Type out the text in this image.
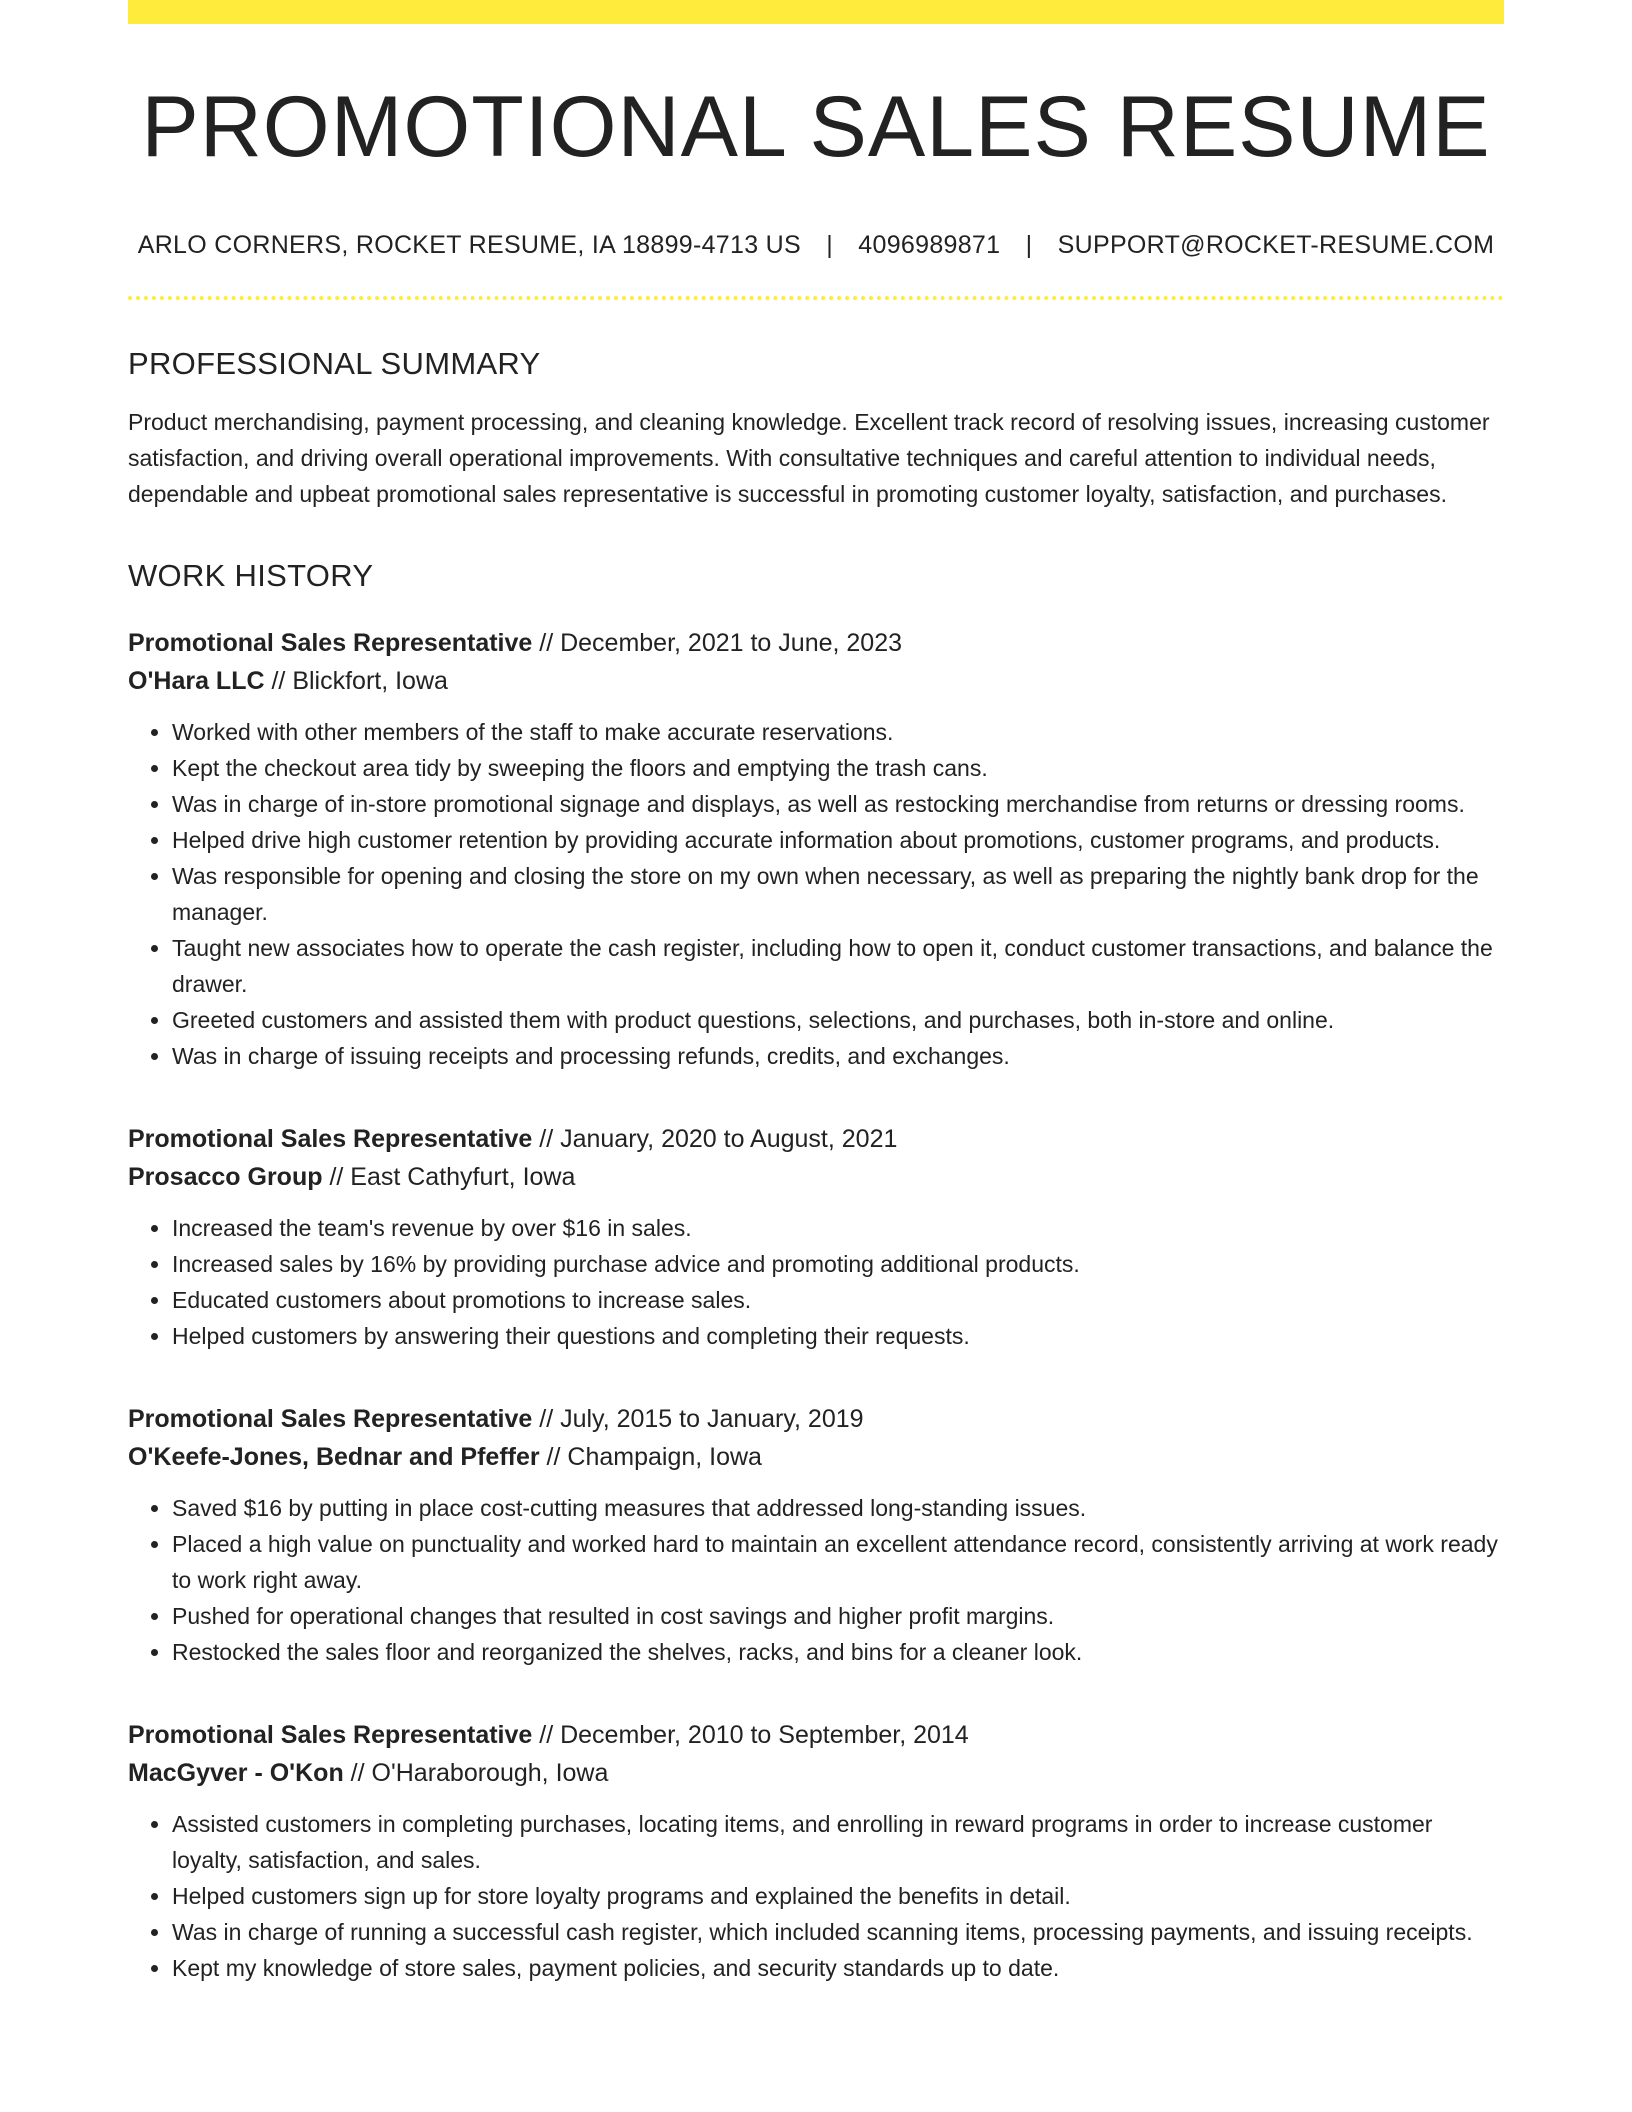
PROMOTIONAL SALES RESUME
ARLO CORNERS, ROCKET RESUME, IA 18899-4713 US | 4096989871 | SUPPORT@ROCKET-RESUME.COM
PROFESSIONAL SUMMARY

Product merchandising, payment processing, and cleaning knowledge. Excellent track record of resolving issues, increasing customer satisfaction, and driving overall operational improvements. With consultative techniques and careful attention to individual needs, dependable and upbeat promotional sales representative is successful in promoting customer loyalty, satisfaction, and purchases.

WORK HISTORY
Promotional Sales Representative // December, 2021 to June, 2023
O'Hara LLC // Blickfort, Iowa
• Worked with other members of the staff to make accurate reservations.
• Kept the checkout area tidy by sweeping the floors and emptying the trash cans.
• Was in charge of in-store promotional signage and displays, as well as restocking merchandise from returns or dressing rooms.
• Helped drive high customer retention by providing accurate information about promotions, customer programs, and products.
• Was responsible for opening and closing the store on my own when necessary, as well as preparing the nightly bank drop for the manager.
• Taught new associates how to operate the cash register, including how to open it, conduct customer transactions, and balance the drawer.
• Greeted customers and assisted them with product questions, selections, and purchases, both in-store and online.
• Was in charge of issuing receipts and processing refunds, credits, and exchanges.
Promotional Sales Representative // January, 2020 to August, 2021
Prosacco Group // East Cathyfurt, Iowa
• Increased the team's revenue by over $16 in sales.
• Increased sales by 16% by providing purchase advice and promoting additional products.
• Educated customers about promotions to increase sales.
• Helped customers by answering their questions and completing their requests.
Promotional Sales Representative // July, 2015 to January, 2019
O'Keefe-Jones, Bednar and Pfeffer // Champaign, Iowa
• Saved $16 by putting in place cost-cutting measures that addressed long-standing issues.
• Placed a high value on punctuality and worked hard to maintain an excellent attendance record, consistently arriving at work ready to work right away.
• Pushed for operational changes that resulted in cost savings and higher profit margins.
• Restocked the sales floor and reorganized the shelves, racks, and bins for a cleaner look.
Promotional Sales Representative // December, 2010 to September, 2014
MacGyver - O'Kon // O'Haraborough, Iowa
• Assisted customers in completing purchases, locating items, and enrolling in reward programs in order to increase customer loyalty, satisfaction, and sales.
• Helped customers sign up for store loyalty programs and explained the benefits in detail.
• Was in charge of running a successful cash register, which included scanning items, processing payments, and issuing receipts.
• Kept my knowledge of store sales, payment policies, and security standards up to date.
